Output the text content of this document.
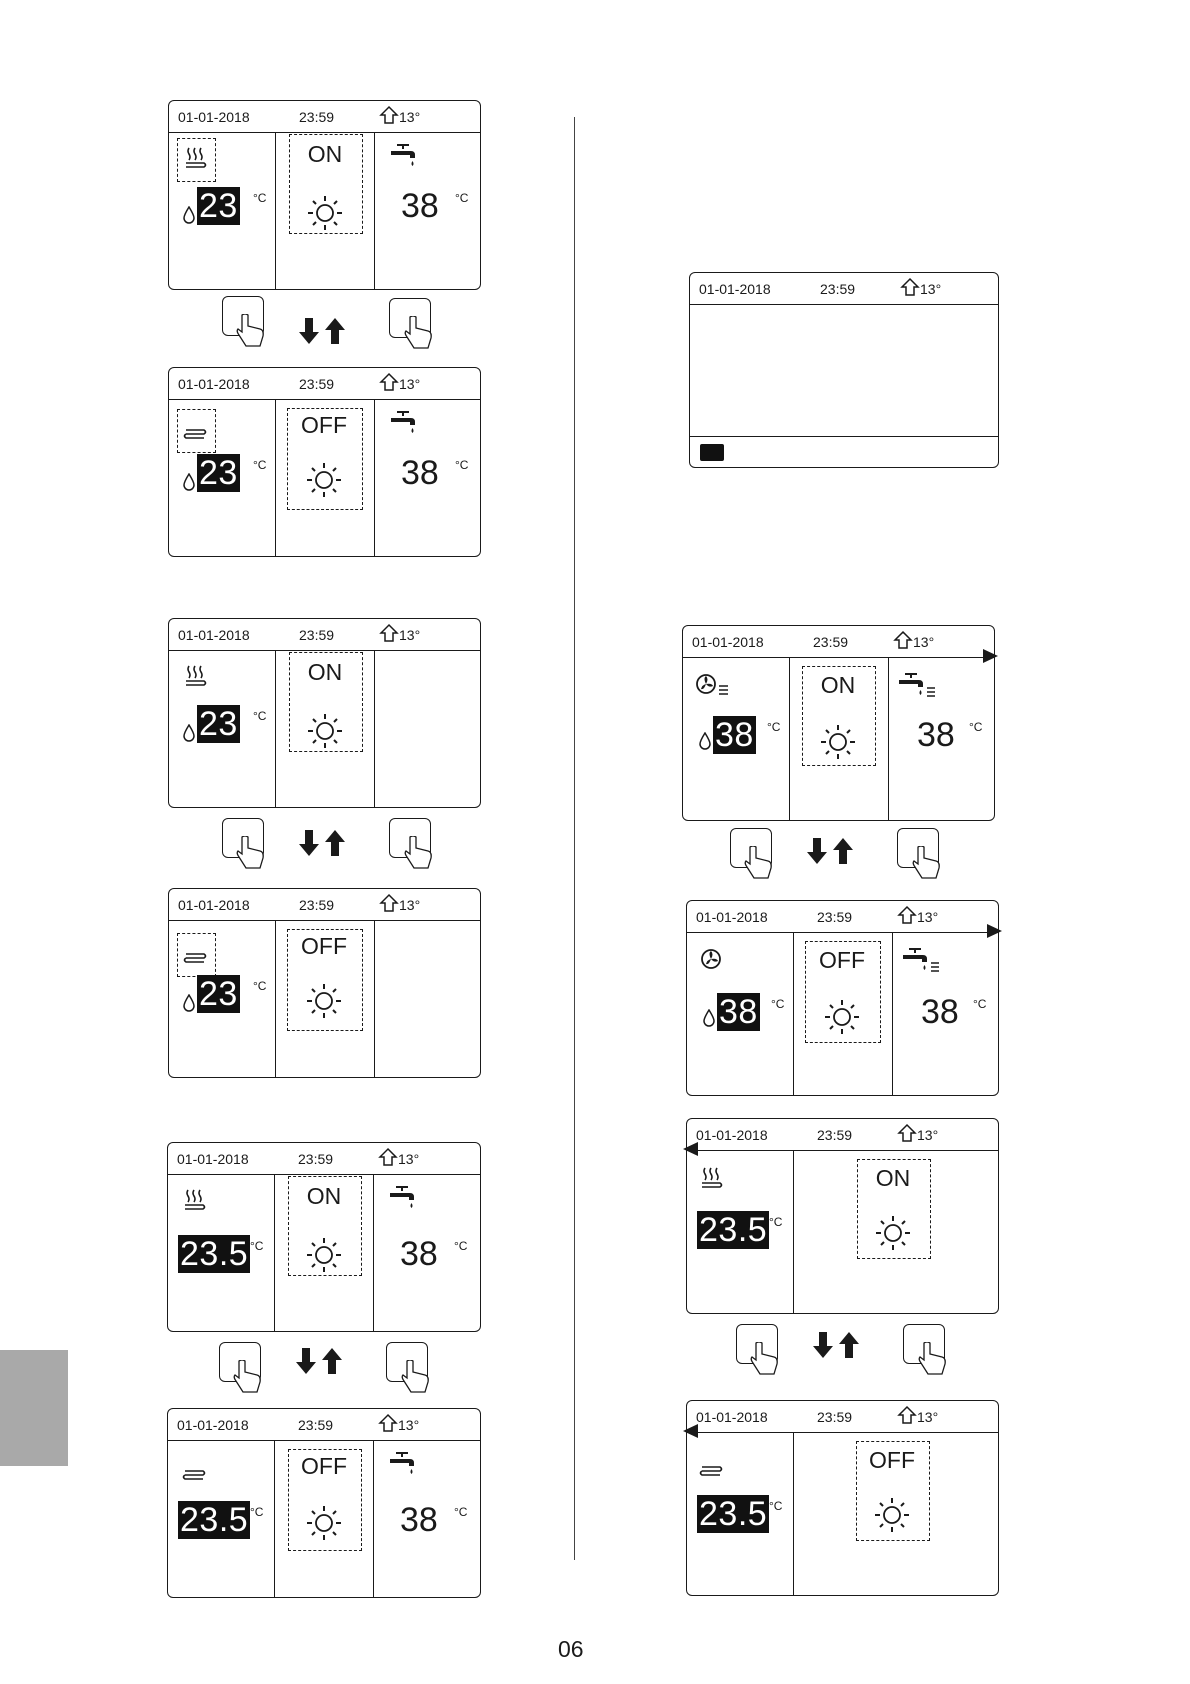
01-01-2018	23:59	13°
23 °C
ON
38 °C
01-01-2018	23:59	13°
23 °C
OFF
38 °C
01-01-2018	23:59	13°
23 °C
ON
01-01-2018	23:59	13°
23 °C
OFF
01-01-2018	23:59	13°
23.5 °C
ON
38 °C
01-01-2018	23:59	13°
23.5 °C
OFF
38 °C
01-01-2018	23:59	13°
01-01-2018	23:59	13°
38 °C
ON
38 °C
01-01-2018	23:59	13°
38 °C
OFF
38 °C
01-01-2018	23:59	13°
23.5 °C
ON
01-01-2018	23:59	13°
23.5 °C
OFF
06
